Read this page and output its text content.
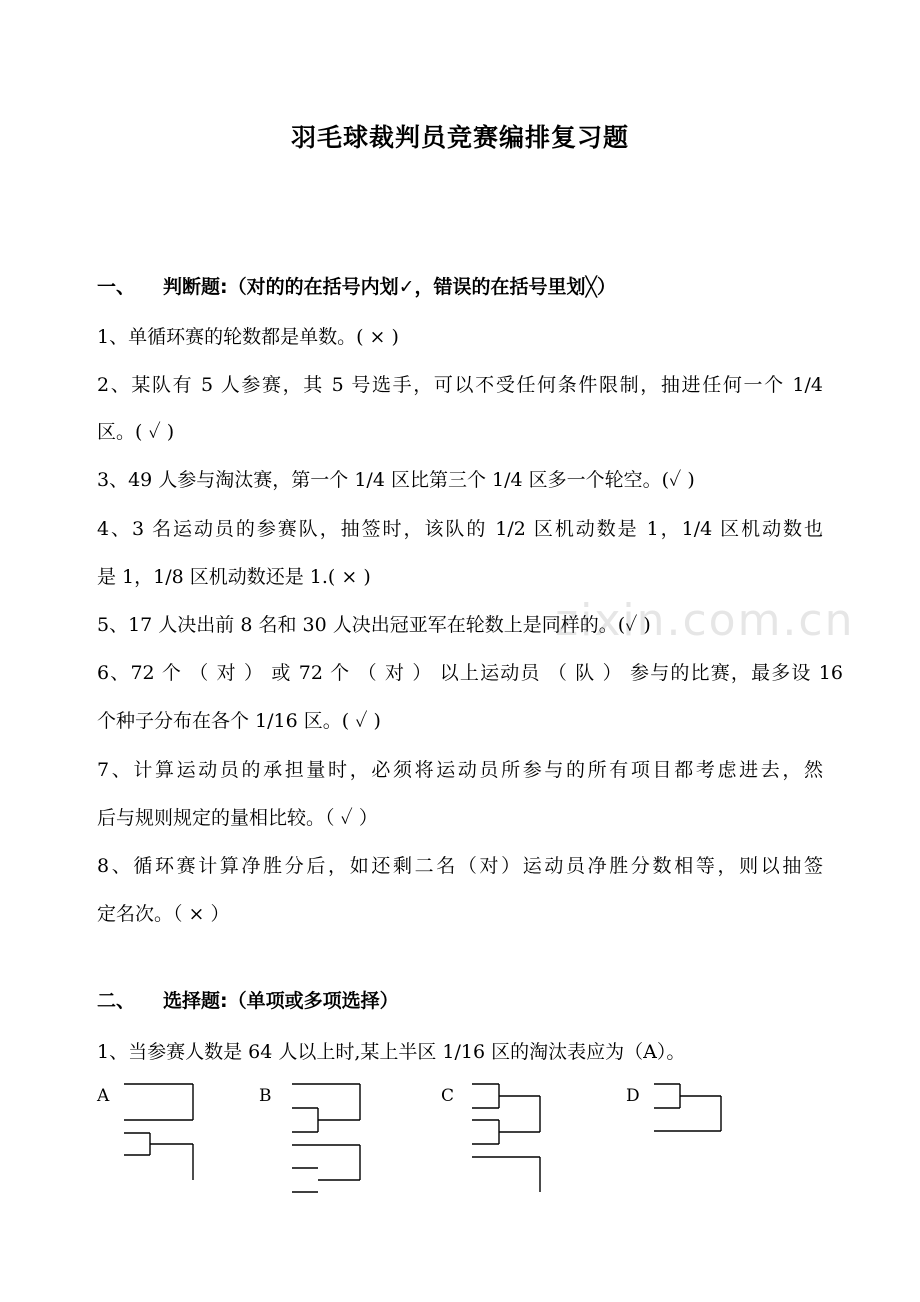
zixin.com.cn
羽毛球裁判员竞赛编排复习题
一、 判断题:（对的的在括号内划✓，错误的在括号里划╳）
1、单循环赛的轮数都是单数。( × )
2、某队有 5 人参赛，其 5 号选手，可以不受任何条件限制，抽进任何一个 1/4
区。( ✓ )
3、49 人参与淘汰赛，第一个 1/4 区比第三个 1/4 区多一个轮空。(✓ )
4、3 名运动员的参赛队，抽签时，该队的 1/2 区机动数是 1，1/4 区机动数也
是 1，1/8 区机动数还是 1.( × )
5、17 人决出前 8 名和 30 人决出冠亚军在轮数上是同样的。(✓ )
6、72 个 （ 对 ） 或 72 个 （ 对 ） 以上运动员 （ 队 ） 参与的比赛，最多设 16
个种子分布在各个 1/16 区。( ✓ )
7、计算运动员的承担量时，必须将运动员所参与的所有项目都考虑进去，然
后与规则规定的量相比较。（ ✓ ）
8、循环赛计算净胜分后，如还剩二名（对）运动员净胜分数相等，则以抽签
定名次。（ × ）
二、 选择题:（单项或多项选择）
1、当参赛人数是 64 人以上时,某上半区 1/16 区的淘汰表应为（A）。
A	B	C	D
